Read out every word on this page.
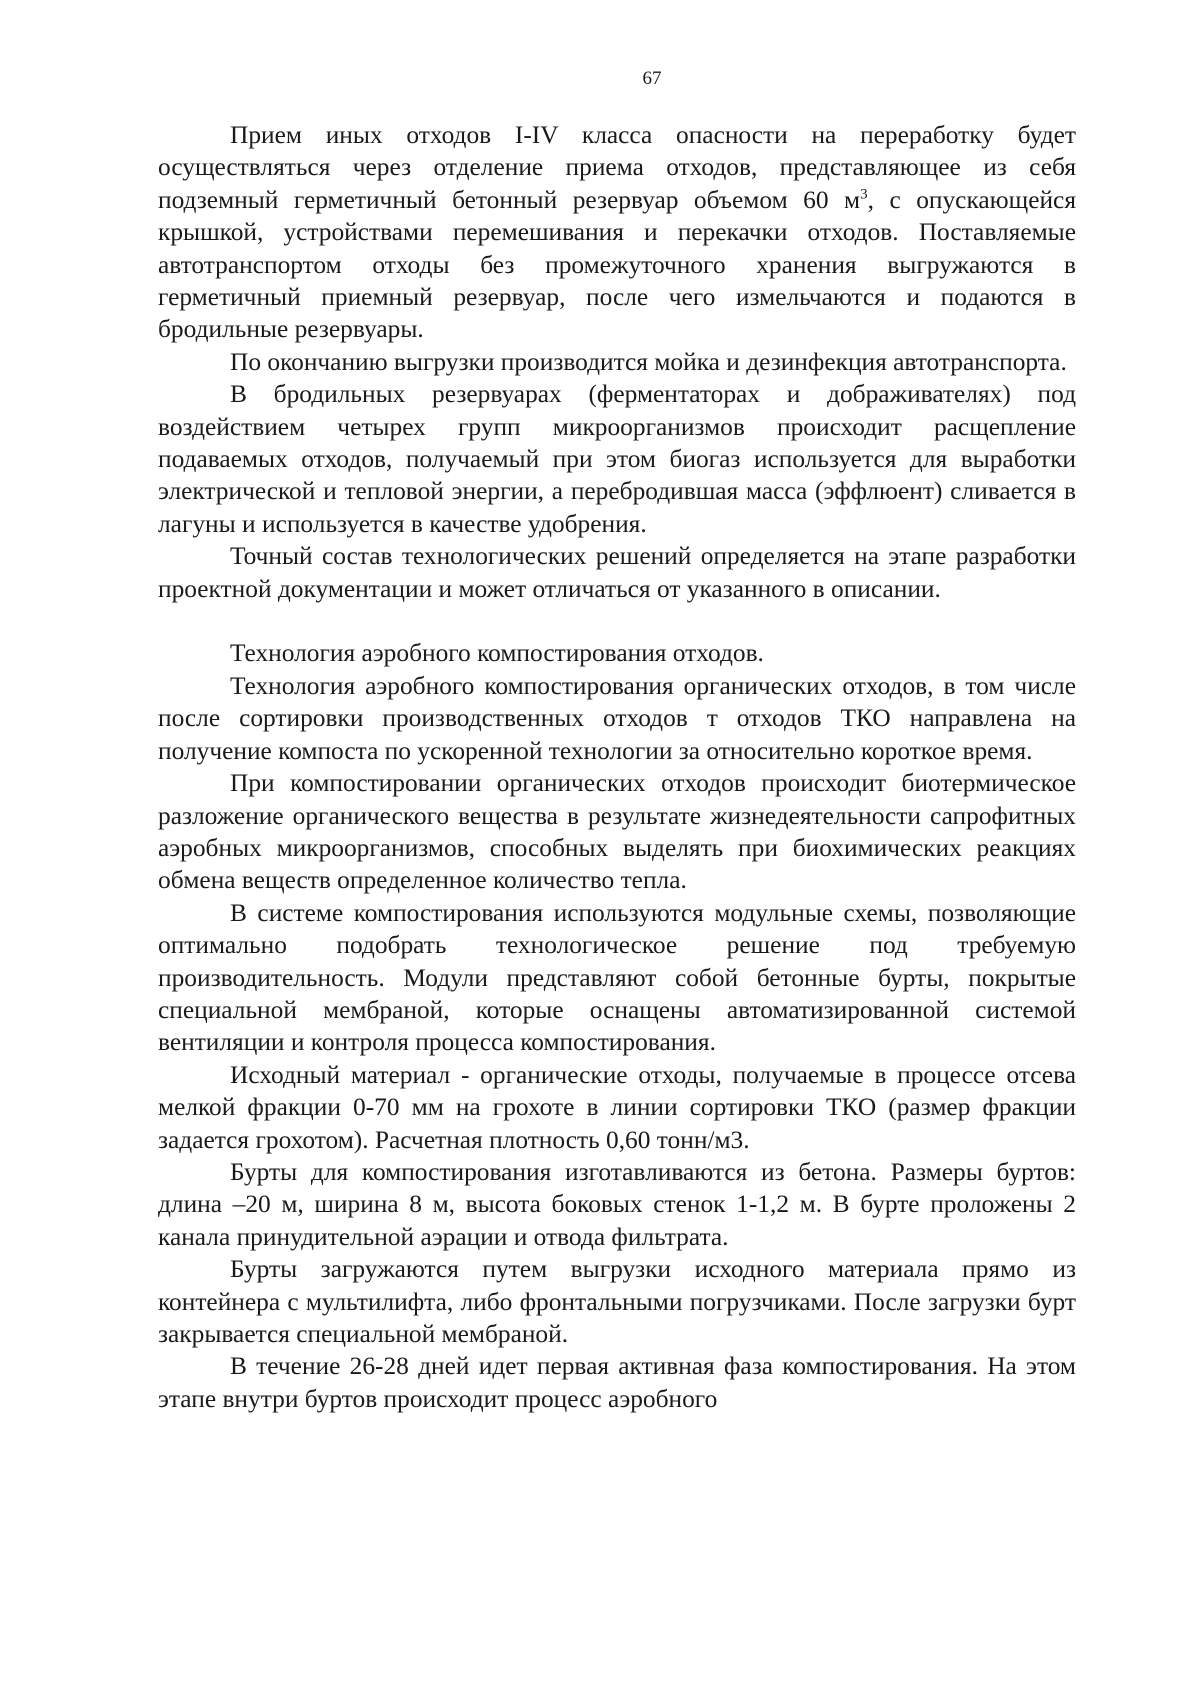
67

Прием иных отходов I-IV класса опасности на переработку будет осуществляться через отделение приема отходов, представляющее из себя подземный герметичный бетонный резервуар объемом 60 $м^3$, с опускающейся крышкой, устройствами перемешивания и перекачки отходов. Поставляемые автотранспортом отходы без промежуточного хранения выгружаются в герметичный приемный резервуар, после чего измельчаются и подаются в бродильные резервуары.

По окончанию выгрузки производится мойка и дезинфекция автотранспорта.

В бродильных резервуарах (ферментаторах и дображивателях) под воздействием четырех групп микроорганизмов происходит расщепление подаваемых отходов, получаемый при этом биогаз используется для выработки электрической и тепловой энергии, а перебродившая масса (эффлюент) сливается в лагуны и используется в качестве удобрения.

Точный состав технологических решений определяется на этапе разработки проектной документации и может отличаться от указанного в описании.

Технология аэробного компостирования отходов.

Технология аэробного компостирования органических отходов, в том числе после сортировки производственных отходов т отходов ТКО направлена на получение компоста по ускоренной технологии за относительно короткое время.

При компостировании органических отходов происходит биотермическое разложение органического вещества в результате жизнедеятельности сапрофитных аэробных микроорганизмов, способных выделять при биохимических реакциях обмена веществ определенное количество тепла.

В системе компостирования используются модульные схемы, позволяющие оптимально подобрать технологическое решение под требуемую производительность. Модули представляют собой бетонные бурты, покрытые специальной мембраной, которые оснащены автоматизированной системой вентиляции и контроля процесса компостирования.

Исходный материал - органические отходы, получаемые в процессе отсева мелкой фракции 0-70 мм на грохоте в линии сортировки ТКО (размер фракции задается грохотом). Расчетная плотность 0,60 тонн/м3.

Бурты для компостирования изготавливаются из бетона. Размеры буртов: длина –20 м, ширина 8 м, высота боковых стенок 1-1,2 м. В бурте проложены 2 канала принудительной аэрации и отвода фильтрата.

Бурты загружаются путем выгрузки исходного материала прямо из контейнера с мультилифта, либо фронтальными погрузчиками. После загрузки бурт закрывается специальной мембраной.

В течение 26-28 дней идет первая активная фаза компостирования. На этом этапе внутри буртов происходит процесс аэробного
